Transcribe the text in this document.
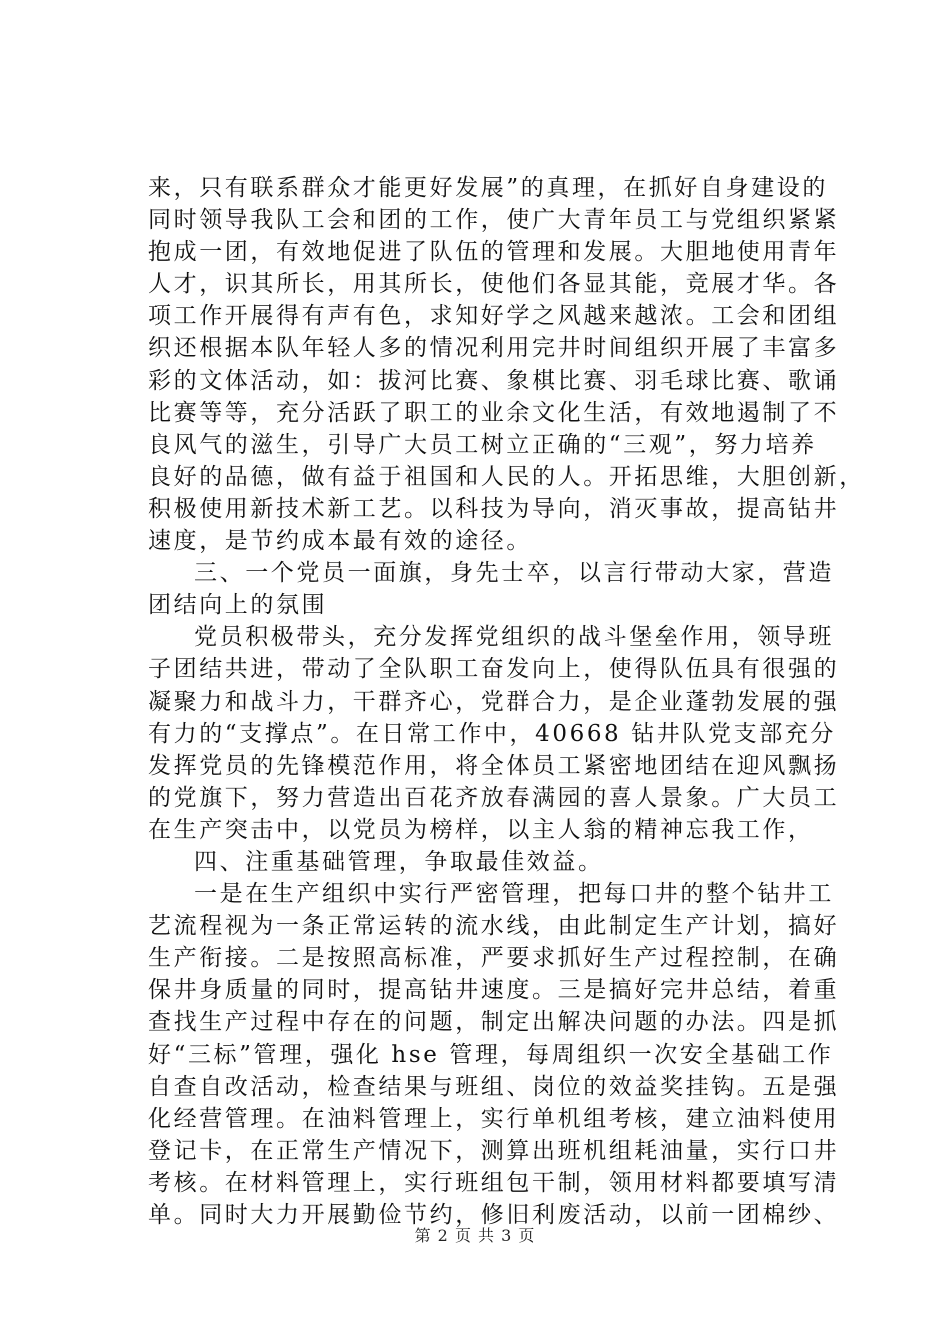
来，只有联系群众才能更好发展”的真理，在抓好自身建设的
同时领导我队工会和团的工作，使广大青年员工与党组织紧紧
抱成一团，有效地促进了队伍的管理和发展。大胆地使用青年
人才，识其所长，用其所长，使他们各显其能，竞展才华。各
项工作开展得有声有色，求知好学之风越来越浓。工会和团组
织还根据本队年轻人多的情况利用完井时间组织开展了丰富多
彩的文体活动，如：拔河比赛、象棋比赛、羽毛球比赛、歌诵
比赛等等，充分活跃了职工的业余文化生活，有效地遏制了不
良风气的滋生，引导广大员工树立正确的“三观”，努力培养
良好的品德，做有益于祖国和人民的人。开拓思维，大胆创新，
积极使用新技术新工艺。以科技为导向，消灭事故，提高钻井
速度，是节约成本最有效的途径。
三、一个党员一面旗，身先士卒，以言行带动大家，营造
团结向上的氛围
党员积极带头，充分发挥党组织的战斗堡垒作用，领导班
子团结共进，带动了全队职工奋发向上，使得队伍具有很强的
凝聚力和战斗力，干群齐心，党群合力，是企业蓬勃发展的强
有力的“支撑点”。在日常工作中，40668 钻井队党支部充分
发挥党员的先锋模范作用，将全体员工紧密地团结在迎风飘扬
的党旗下，努力营造出百花齐放春满园的喜人景象。广大员工
在生产突击中，以党员为榜样，以主人翁的精神忘我工作，
四、注重基础管理，争取最佳效益。
一是在生产组织中实行严密管理，把每口井的整个钻井工
艺流程视为一条正常运转的流水线，由此制定生产计划，搞好
生产衔接。二是按照高标准，严要求抓好生产过程控制，在确
保井身质量的同时，提高钻井速度。三是搞好完井总结，着重
查找生产过程中存在的问题，制定出解决问题的办法。四是抓
好“三标”管理，强化 hse 管理，每周组织一次安全基础工作
自查自改活动，检查结果与班组、岗位的效益奖挂钩。五是强
化经营管理。在油料管理上，实行单机组考核，建立油料使用
登记卡，在正常生产情况下，测算出班机组耗油量，实行口井
考核。在材料管理上，实行班组包干制，领用材料都要填写清
单。同时大力开展勤俭节约，修旧利废活动，以前一团棉纱、
第 2 页 共 3 页
